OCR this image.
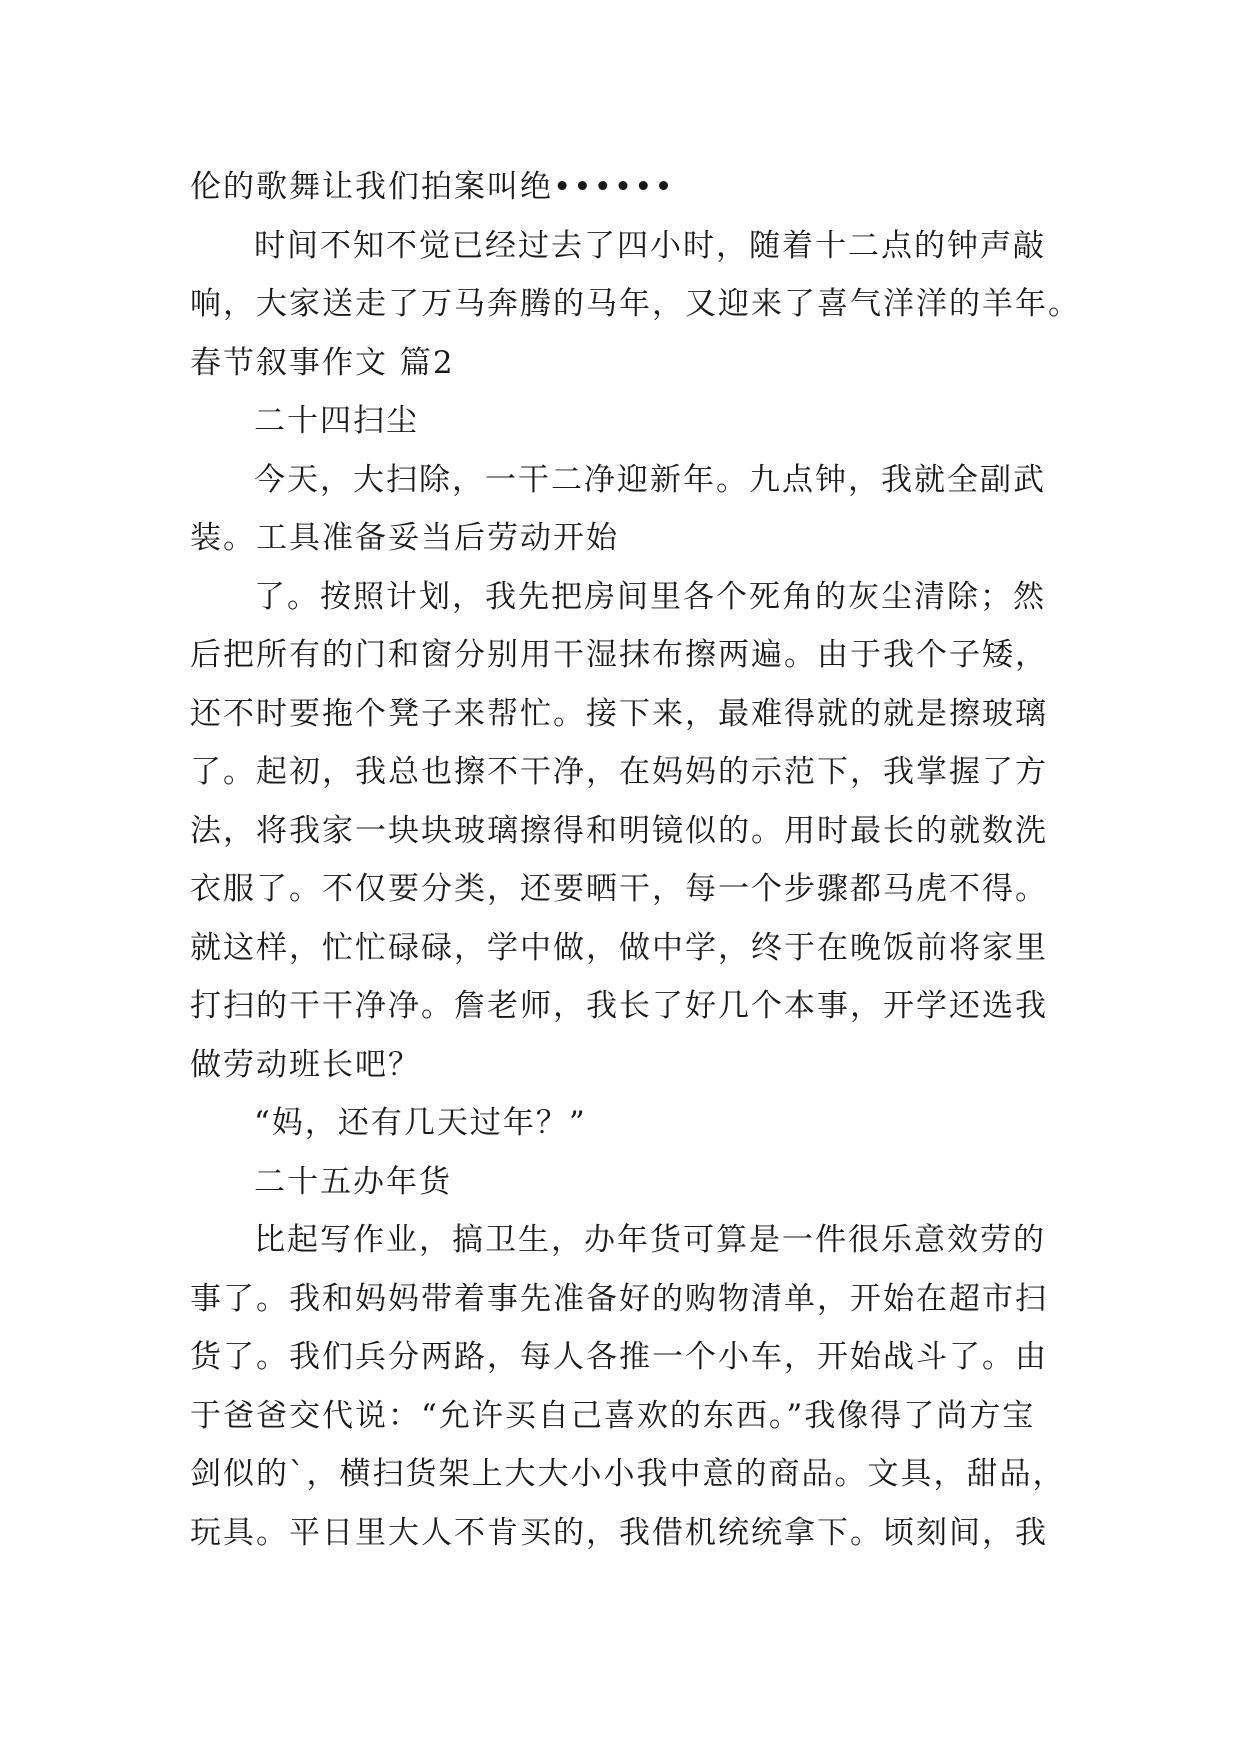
伦的歌舞让我们拍案叫绝••••••
时间不知不觉已经过去了四小时，随着十二点的钟声敲
响，大家送走了万马奔腾的马年，又迎来了喜气洋洋的羊年。
春节叙事作文 篇2
二十四扫尘
今天，大扫除，一干二净迎新年。九点钟，我就全副武
装。工具准备妥当后劳动开始
了。按照计划，我先把房间里各个死角的灰尘清除；然
后把所有的门和窗分别用干湿抹布擦两遍。由于我个子矮，
还不时要拖个凳子来帮忙。接下来，最难得就的就是擦玻璃
了。起初，我总也擦不干净，在妈妈的示范下，我掌握了方
法，将我家一块块玻璃擦得和明镜似的。用时最长的就数洗
衣服了。不仅要分类，还要晒干，每一个步骤都马虎不得。
就这样，忙忙碌碌，学中做，做中学，终于在晚饭前将家里
打扫的干干净净。詹老师，我长了好几个本事，开学还选我
做劳动班长吧？
“妈，还有几天过年？”
二十五办年货
比起写作业，搞卫生，办年货可算是一件很乐意效劳的
事了。我和妈妈带着事先准备好的购物清单，开始在超市扫
货了。我们兵分两路，每人各推一个小车，开始战斗了。由
于爸爸交代说：“允许买自己喜欢的东西。”我像得了尚方宝
剑似的`，横扫货架上大大小小我中意的商品。文具，甜品，
玩具。平日里大人不肯买的，我借机统统拿下。顷刻间，我
